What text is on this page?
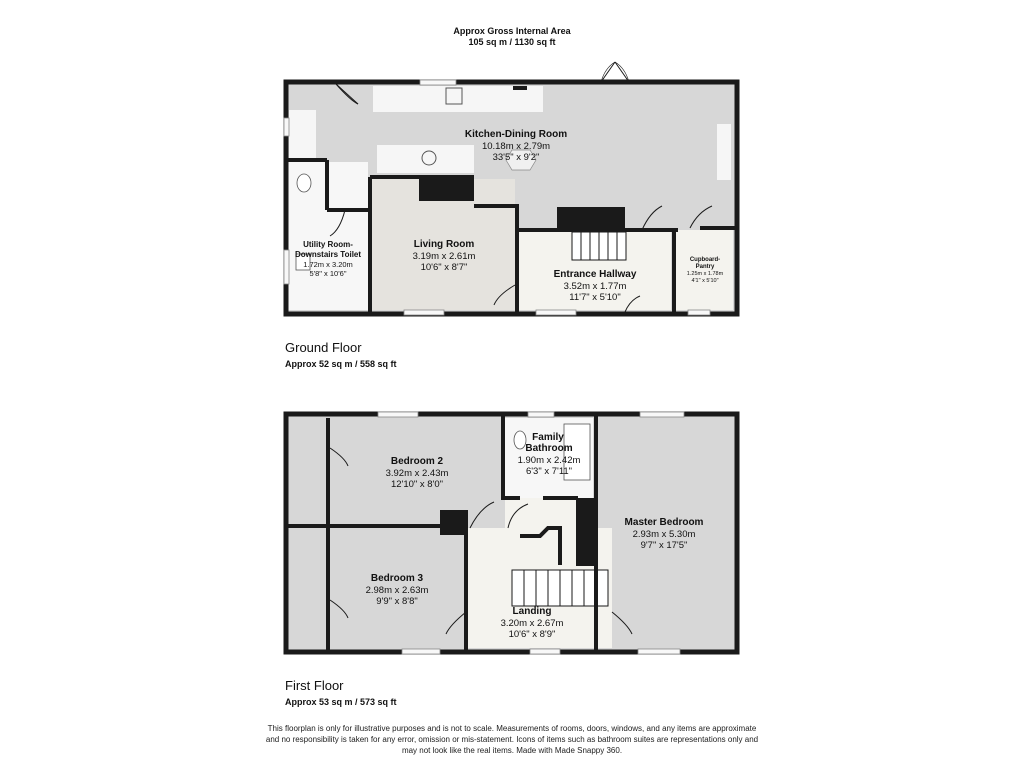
Approx Gross Internal Area
105 sq m / 1130 sq ft
Kitchen-Dining Room
10.18m x 2.79m
33'5" x 9'2"
Utility Room-
Downstairs Toilet
1.72m x 3.20m
5'8" x 10'6"
Living Room
3.19m x 2.61m
10'6" x 8'7"
Entrance Hallway
3.52m x 1.77m
11'7" x 5'10"
Cupboard-
Pantry
1.25m x 1.78m
4'1" x 5'10"
Bedroom 2
3.92m x 2.43m
12'10" x 8'0"
Family
Bathroom
1.90m x 2.42m
6'3" x 7'11"
Master Bedroom
2.93m x 5.30m
9'7" x 17'5"
Bedroom 3
2.98m x 2.63m
9'9" x 8'8"
Landing
3.20m x 2.67m
10'6" x 8'9"
Ground Floor
Approx 52 sq m / 558 sq ft
First Floor
Approx 53 sq m / 573 sq ft
This floorplan is only for illustrative purposes and is not to scale. Measurements of rooms, doors, windows, and any items are approximate
and no responsibility is taken for any error, omission or mis-statement. Icons of items such as bathroom suites are representations only and
may not look like the real items. Made with Made Snappy 360.
